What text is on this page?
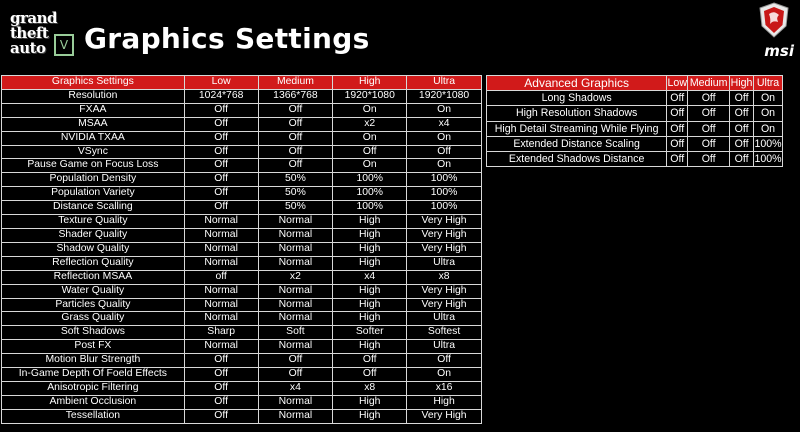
grand
theft
auto	V Graphics Settings	msi
Graphics Settings	Low	Medium	High	Ultra
Resolution	1024*768	1366*768	1920*1080	1920*1080
FXAA	Off	Off	On	On
MSAA	Off	Off	x2	x4
NVIDIA TXAA	Off	Off	On	On
VSync	Off	Off	Off	Off
Pause Game on Focus Loss	Off	Off	On	On
Population Density	Off	50%	100%	100%
Population Variety	Off	50%	100%	100%
Distance Scalling	Off	50%	100%	100%
Texture Quality	Normal	Normal	High	Very High
Shader Quality	Normal	Normal	High	Very High
Shadow Quality	Normal	Normal	High	Very High
Reflection Quality	Normal	Normal	High	Ultra
Reflection MSAA	off	x2	x4	x8
Water Quality	Normal	Normal	High	Very High
Particles Quality	Normal	Normal	High	Very High
Grass Quality	Normal	Normal	High	Ultra
Soft Shadows	Sharp	Soft	Softer	Softest
Post FX	Normal	Normal	High	Ultra
Motion Blur Strength	Off	Off	Off	Off
In-Game Depth Of Foeld Effects	Off	Off	Off	On
Anisotropic Filtering	Off	x4	x8	x16
Ambient Occlusion	Off	Normal	High	High
Tessellation	Off	Normal	High	Very High
Advanced Graphics	Low	Medium	High	Ultra
Long Shadows	Off	Off	Off	On
High Resolution Shadows	Off	Off	Off	On
High Detail Streaming While Flying	Off	Off	Off	On
Extended Distance Scaling	Off	Off	Off	100%
Extended Shadows Distance	Off	Off	Off	100%
